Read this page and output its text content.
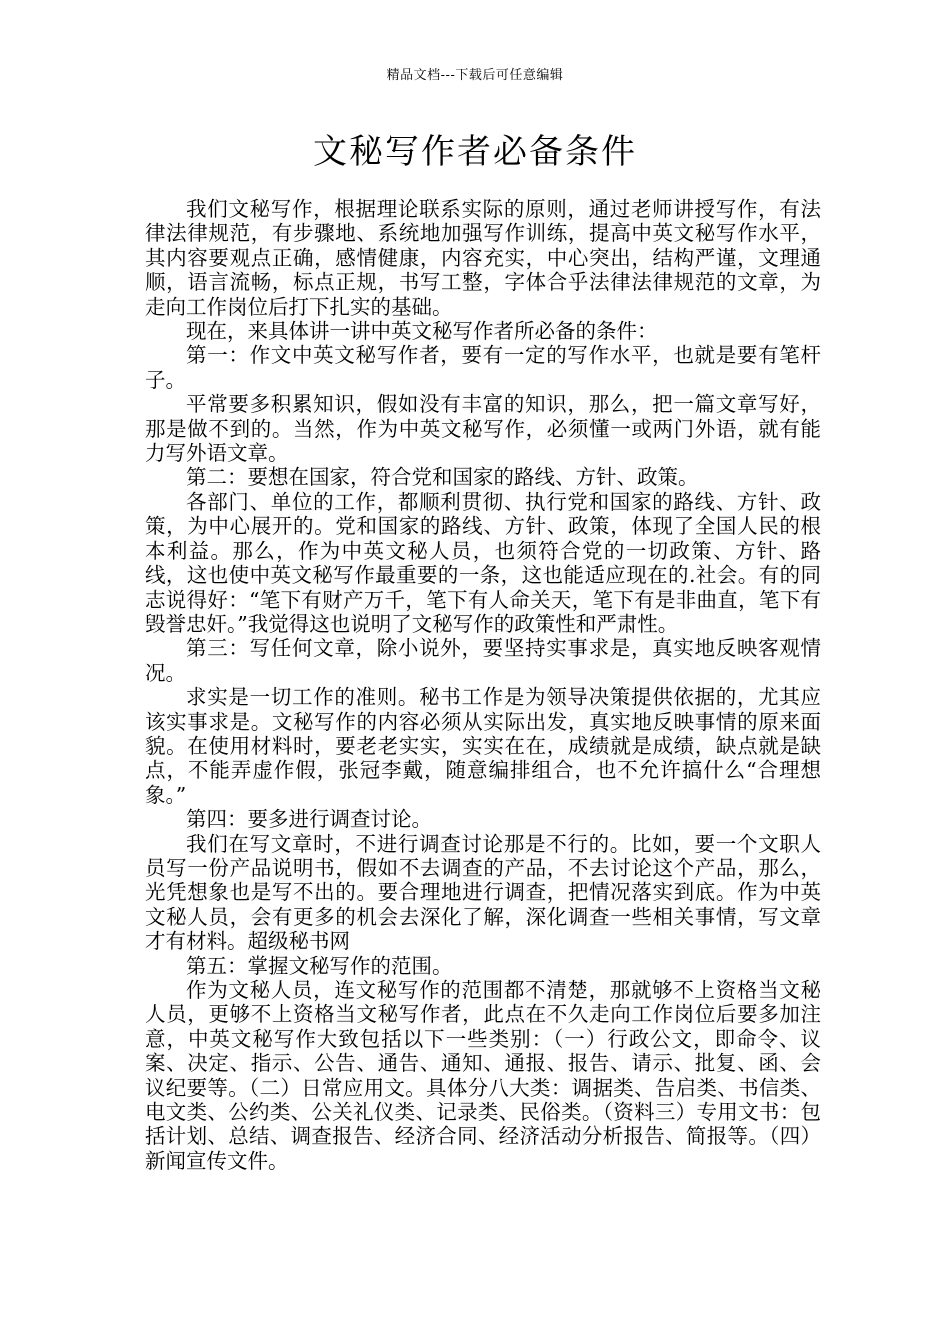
精品文档---下载后可任意编辑
文秘写作者必备条件

我们文秘写作，根据理论联系实际的原则，通过老师讲授写作，有法律法律规范，有步骤地、系统地加强写作训练，提高中英文秘写作水平，其内容要观点正确，感情健康，内容充实，中心突出，结构严谨，文理通顺，语言流畅，标点正规，书写工整，字体合乎法律法律规范的文章，为走向工作岗位后打下扎实的基础。

现在，来具体讲一讲中英文秘写作者所必备的条件：

第一：作文中英文秘写作者，要有一定的写作水平，也就是要有笔杆子。

平常要多积累知识，假如没有丰富的知识，那么，把一篇文章写好，那是做不到的。当然，作为中英文秘写作，必须懂一或两门外语，就有能力写外语文章。

第二：要想在国家，符合党和国家的路线、方针、政策。

各部门、单位的工作，都顺利贯彻、执行党和国家的路线、方针、政策，为中心展开的。党和国家的路线、方针、政策，体现了全国人民的根本利益。那么，作为中英文秘人员，也须符合党的一切政策、方针、路线，这也使中英文秘写作最重要的一条，这也能适应现在的.社会。有的同志说得好：“笔下有财产万千，笔下有人命关天，笔下有是非曲直，笔下有毁誉忠奸。”我觉得这也说明了文秘写作的政策性和严肃性。

第三：写任何文章，除小说外，要坚持实事求是，真实地反映客观情况。

求实是一切工作的准则。秘书工作是为领导决策提供依据的，尤其应该实事求是。文秘写作的内容必须从实际出发，真实地反映事情的原来面貌。在使用材料时，要老老实实，实实在在，成绩就是成绩，缺点就是缺点，不能弄虚作假，张冠李戴，随意编排组合，也不允许搞什么“合理想象。”

第四：要多进行调查讨论。

我们在写文章时，不进行调查讨论那是不行的。比如，要一个文职人员写一份产品说明书，假如不去调查的产品，不去讨论这个产品，那么，光凭想象也是写不出的。要合理地进行调查，把情况落实到底。作为中英文秘人员，会有更多的机会去深化了解，深化调查一些相关事情，写文章才有材料。超级秘书网

第五：掌握文秘写作的范围。

作为文秘人员，连文秘写作的范围都不清楚，那就够不上资格当文秘人员，更够不上资格当文秘写作者，此点在不久走向工作岗位后要多加注意，中英文秘写作大致包括以下一些类别：（一）行政公文，即命令、议案、决定、指示、公告、通告、通知、通报、报告、请示、批复、函、会议纪要等。（二）日常应用文。具体分八大类：调据类、告启类、书信类、电文类、公约类、公关礼仪类、记录类、民俗类。（资料三）专用文书：包括计划、总结、调查报告、经济合同、经济活动分析报告、简报等。（四）新闻宣传文件。
